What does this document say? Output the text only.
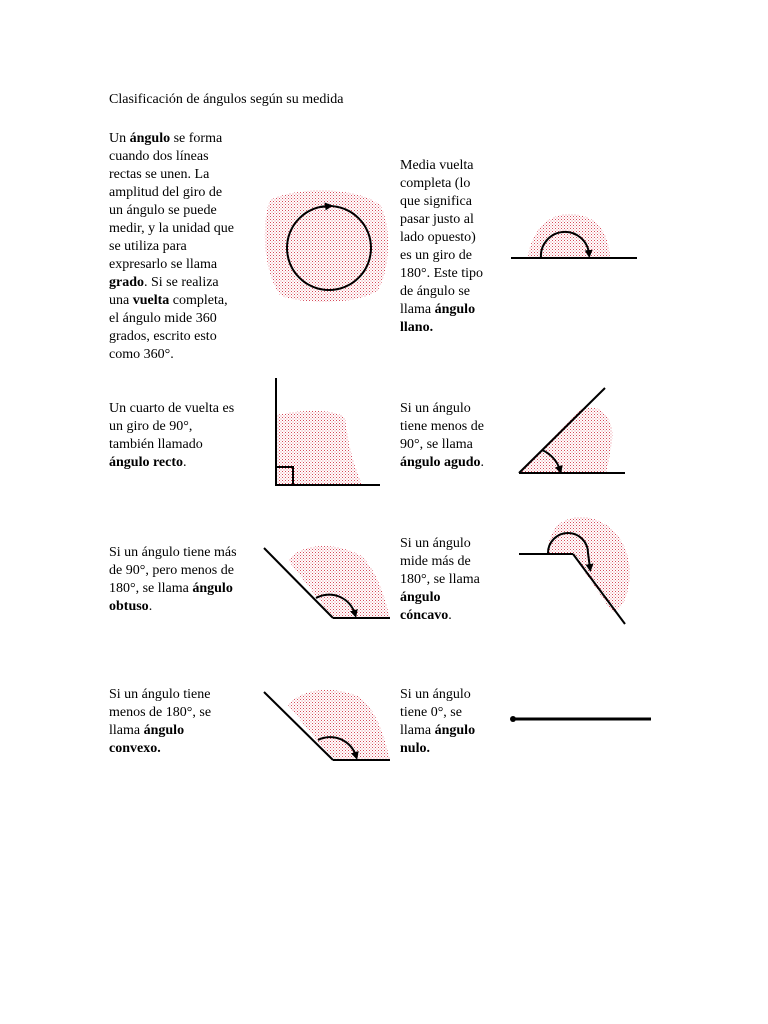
Clasificación de ángulos según su medida
Un ángulo se forma
cuando dos líneas
rectas se unen. La
amplitud del giro de
un ángulo se puede
medir, y la unidad que
se utiliza para
expresarlo se llama
grado. Si se realiza
una vuelta completa,
el ángulo mide 360
grados, escrito esto
como 360°.
Media vuelta
completa (lo
que significa
pasar justo al
lado opuesto)
es un giro de
180°. Este tipo
de ángulo se
llama ángulo
llano.
Un cuarto de vuelta es
un giro de 90°,
también llamado
ángulo recto.
Si un ángulo
tiene menos de
90°, se llama
ángulo agudo.
Si un ángulo tiene más
de 90°, pero menos de
180°, se llama ángulo
obtuso.
Si un ángulo
mide más de
180°, se llama
ángulo
cóncavo.
Si un ángulo tiene
menos de 180°, se
llama ángulo
convexo.
Si un ángulo
tiene 0°, se
llama ángulo
nulo.
